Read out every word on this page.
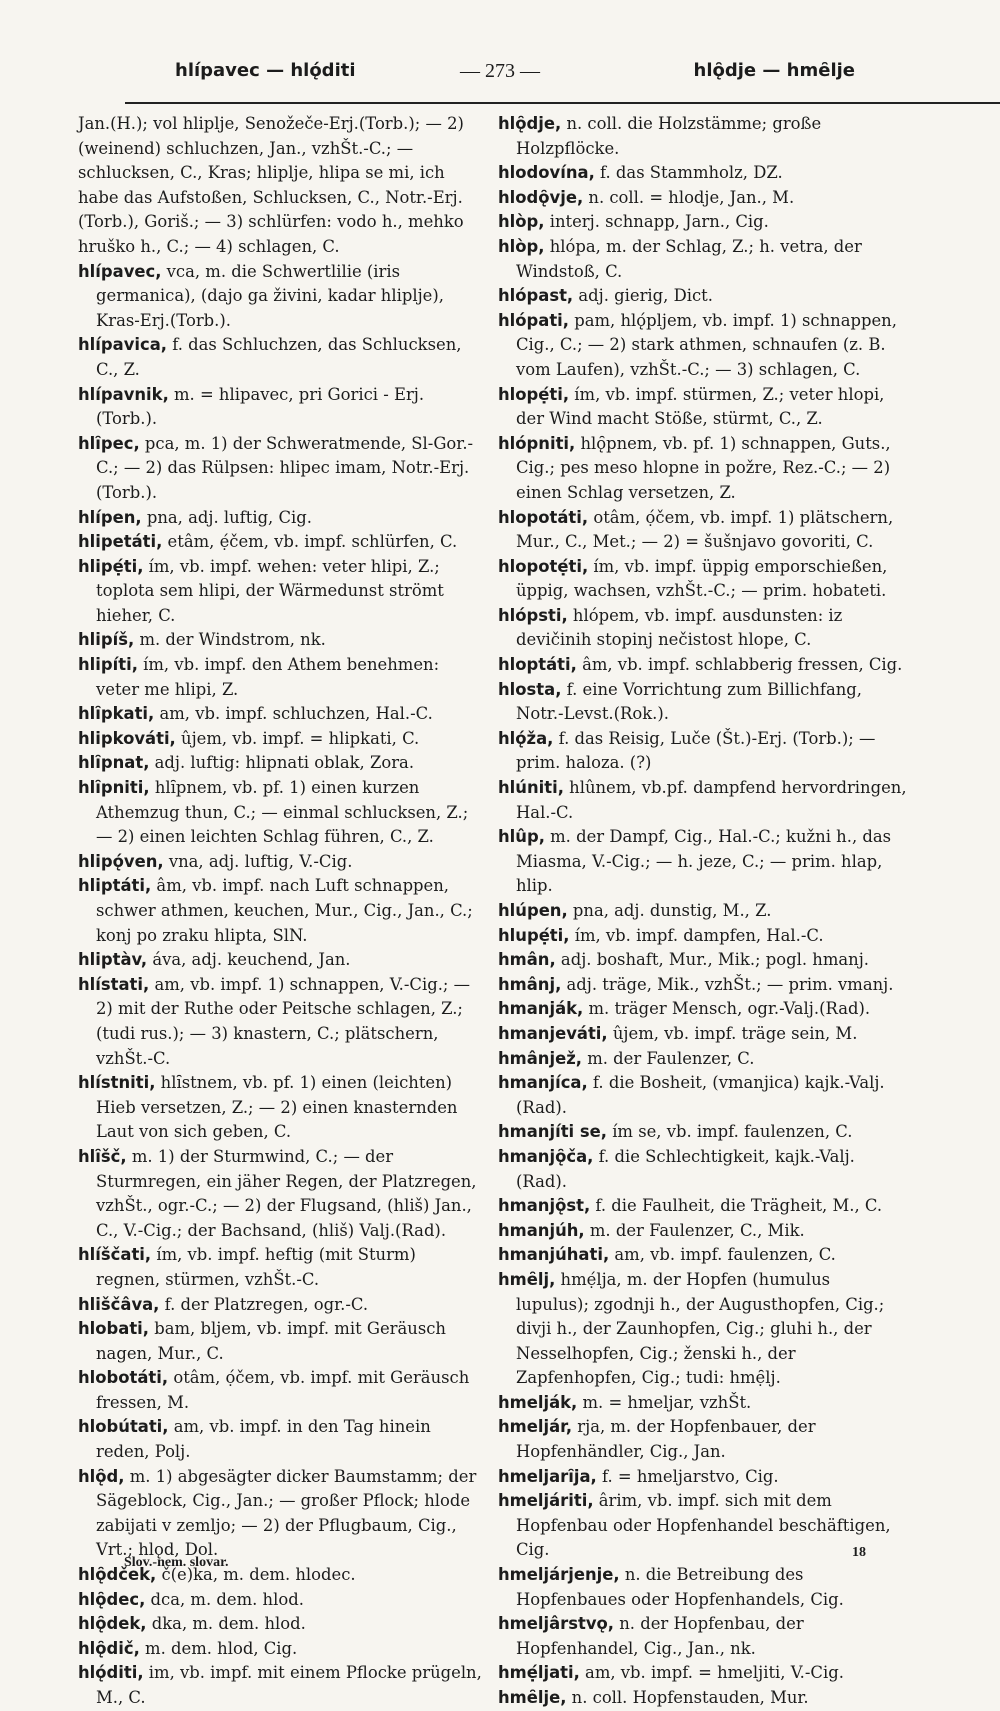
hlípavec — hlǫ́diti	— 273 —	hlǫ̑dje — hmȇlje

Jan.(H.); vol hliplje, Senožeče-Erj.(Torb.); — 2) (weinend) schluchzen, Jan., vzhŠt.-C.; — schlucksen, C., Kras; hliplje, hlipa se mi, ich habe das Aufstoßen, Schlucksen, C., Notr.-Erj.(Torb.), Goriš.; — 3) schlürfen: vodo h., mehko hruško h., C.; — 4) schlagen, C.

hlípavec, vca, m. die Schwertlilie (iris germanica), (dajo ga živini, kadar hliplje), Kras-Erj.(Torb.).

hlípavica, f. das Schluchzen, das Schlucksen, C., Z.

hlípavnik, m. = hlipavec, pri Gorici - Erj. (Torb.).

hlȋpec, pca, m. 1) der Schweratmende, Sl-Gor.-C.; — 2) das Rülpsen: hlipec imam, Notr.-Erj.(Torb.).

hlípen, pna, adj. luftig, Cig.

hlipetáti, etâm, ẹ́čem, vb. impf. schlürfen, C.

hlipẹ́ti, ím, vb. impf. wehen: veter hlipi, Z.; toplota sem hlipi, der Wärmedunst strömt hieher, C.

hlipíš, m. der Windstrom, nk.

hlipíti, ím, vb. impf. den Athem benehmen: veter me hlipi, Z.

hlȋpkati, am, vb. impf. schluchzen, Hal.-C.

hlipkováti, ûjem, vb. impf. = hlipkati, C.

hlȋpnat, adj. luftig: hlipnati oblak, Zora.

hlȋpniti, hlȋpnem, vb. pf. 1) einen kurzen Athemzug thun, C.; — einmal schlucksen, Z.; — 2) einen leichten Schlag führen, C., Z.

hlipǫ́ven, vna, adj. luftig, V.-Cig.

hliptáti, âm, vb. impf. nach Luft schnappen, schwer athmen, keuchen, Mur., Cig., Jan., C.; konj po zraku hlipta, SlN.

hliptàv, áva, adj. keuchend, Jan.

hlístati, am, vb. impf. 1) schnappen, V.-Cig.; — 2) mit der Ruthe oder Peitsche schlagen, Z.; (tudi rus.); — 3) knastern, C.; plätschern, vzhŠt.-C.

hlístniti, hlȋstnem, vb. pf. 1) einen (leichten) Hieb versetzen, Z.; — 2) einen knasternden Laut von sich geben, C.

hlȋšč, m. 1) der Sturmwind, C.; — der Sturmregen, ein jäher Regen, der Platzregen, vzhŠt., ogr.-C.; — 2) der Flugsand, (hliš) Jan., C., V.-Cig.; der Bachsand, (hliš) Valj.(Rad).

hlíščati, ím, vb. impf. heftig (mit Sturm) regnen, stürmen, vzhŠt.-C.

hliščâva, f. der Platzregen, ogr.-C.

hlobati, bam, bljem, vb. impf. mit Geräusch nagen, Mur., C.

hlobotáti, otâm, ọ́čem, vb. impf. mit Geräusch fressen, M.

hlobútati, am, vb. impf. in den Tag hinein reden, Polj.

hlǫ̑d, m. 1) abgesägter dicker Baumstamm; der Sägeblock, Cig., Jan.; — großer Pflock; hlode zabijati v zemljo; — 2) der Pflugbaum, Cig., Vrt.; hlǫd, Dol.

hlǫ̑dček, č(e)ka, m. dem. hlodec.

hlǫ̑dec, dca, m. dem. hlod.

hlǫ̑dek, dka, m. dem. hlod.

hlǫ̑dič, m. dem. hlod, Cig.

hlǫ́diti, im, vb. impf. mit einem Pflocke prügeln, M., C.

hlǫ̑dje, n. coll. die Holzstämme; große Holzpflöcke.

hlodovína, f. das Stammholz, DZ.

hlodǫ̑vje, n. coll. = hlodje, Jan., M.

hlòp, interj. schnapp, Jarn., Cig.

hlòp, hlópa, m. der Schlag, Z.; h. vetra, der Windstoß, C.

hlópast, adj. gierig, Dict.

hlópati, pam, hlǫ́pljem, vb. impf. 1) schnappen, Cig., C.; — 2) stark athmen, schnaufen (z. B. vom Laufen), vzhŠt.-C.; — 3) schlagen, C.

hlopẹ́ti, ím, vb. impf. stürmen, Z.; veter hlopi, der Wind macht Stöße, stürmt, C., Z.

hlópniti, hlǫ̑pnem, vb. pf. 1) schnappen, Guts., Cig.; pes meso hlopne in požre, Rez.-C.; — 2) einen Schlag versetzen, Z.

hlopotáti, otâm, ọ́čem, vb. impf. 1) plätschern, Mur., C., Met.; — 2) = šušnjavo govoriti, C.

hlopotẹ́ti, ím, vb. impf. üppig emporschießen, üppig, wachsen, vzhŠt.-C.; — prim. hobateti.

hlópsti, hlópem, vb. impf. ausdunsten: iz devičinih stopinj nečistost hlope, C.

hloptáti, âm, vb. impf. schlabberig fressen, Cig.

hlosta, f. eine Vorrichtung zum Billichfang, Notr.-Levst.(Rok.).

hlǫ́ža, f. das Reisig, Luče (Št.)-Erj. (Torb.); — prim. haloza. (?)

hlúniti, hlûnem, vb.pf. dampfend hervordringen, Hal.-C.

hlûp, m. der Dampf, Cig., Hal.-C.; kužni h., das Miasma, V.-Cig.; — h. jeze, C.; — prim. hlap, hlip.

hlúpen, pna, adj. dunstig, M., Z.

hlupẹ́ti, ím, vb. impf. dampfen, Hal.-C.

hmân, adj. boshaft, Mur., Mik.; pogl. hmanj.

hmânj, adj. träge, Mik., vzhŠt.; — prim. vmanj.

hmanják, m. träger Mensch, ogr.-Valj.(Rad).

hmanjeváti, ûjem, vb. impf. träge sein, M.

hmânjež, m. der Faulenzer, C.

hmanjíca, f. die Bosheit, (vmanjica) kajk.-Valj. (Rad).

hmanjíti se, ím se, vb. impf. faulenzen, C.

hmanjǫ̑ča, f. die Schlechtigkeit, kajk.-Valj. (Rad).

hmanjǫ̑st, f. die Faulheit, die Trägheit, M., C.

hmanjúh, m. der Faulenzer, C., Mik.

hmanjúhati, am, vb. impf. faulenzen, C.

hmȇlj, hmẹ́lja, m. der Hopfen (humulus lupulus); zgodnji h., der Augusthopfen, Cig.; divji h., der Zaunhopfen, Cig.; gluhi h., der Nesselhopfen, Cig.; ženski h., der Zapfenhopfen, Cig.; tudi: hmẹ̑lj.

hmelják, m. = hmeljar, vzhŠt.

hmeljár, rja, m. der Hopfenbauer, der Hopfenhändler, Cig., Jan.

hmeljarȋja, f. = hmeljarstvo, Cig.

hmeljáriti, ârim, vb. impf. sich mit dem Hopfenbau oder Hopfenhandel beschäftigen, Cig.

hmeljárjenje, n. die Betreibung des Hopfenbaues oder Hopfenhandels, Cig.

hmeljârstvǫ, n. der Hopfenbau, der Hopfenhandel, Cig., Jan., nk.

hmẹ́ljati, am, vb. impf. = hmeljiti, V.-Cig.

hmȇlje, n. coll. Hopfenstauden, Mur.

Slov.-nem. slovar.
18
